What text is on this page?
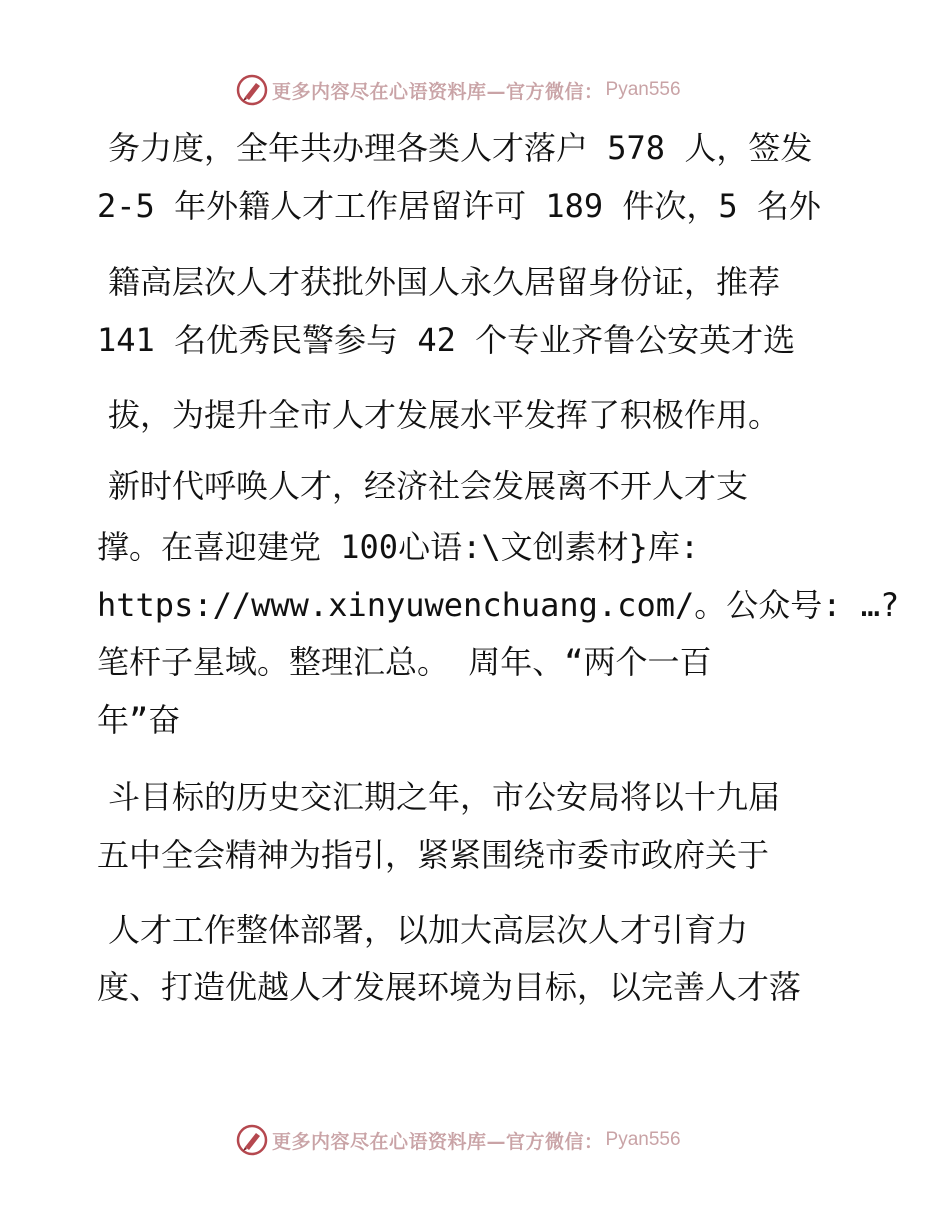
更多内容尽在心语资料库—官方微信： Pyan556
务力度，全年共办理各类人才落户 578 人，签发
2-5 年外籍人才工作居留许可 189 件次，5 名外
籍高层次人才获批外国人永久居留身份证，推荐
141 名优秀民警参与 42 个专业齐鲁公安英才选
拔，为提升全市人才发展水平发挥了积极作用。
新时代呼唤人才，经济社会发展离不开人才支
撑。在喜迎建党 100心语:\文创素材}库:
https://www.xinyuwenchuang.com/。公众号: …?
笔杆子星域。整理汇总。 周年、“两个一百
年”奋
斗目标的历史交汇期之年，市公安局将以十九届
五中全会精神为指引，紧紧围绕市委市政府关于
人才工作整体部署，以加大高层次人才引育力
度、打造优越人才发展环境为目标，以完善人才落
更多内容尽在心语资料库—官方微信： Pyan556
